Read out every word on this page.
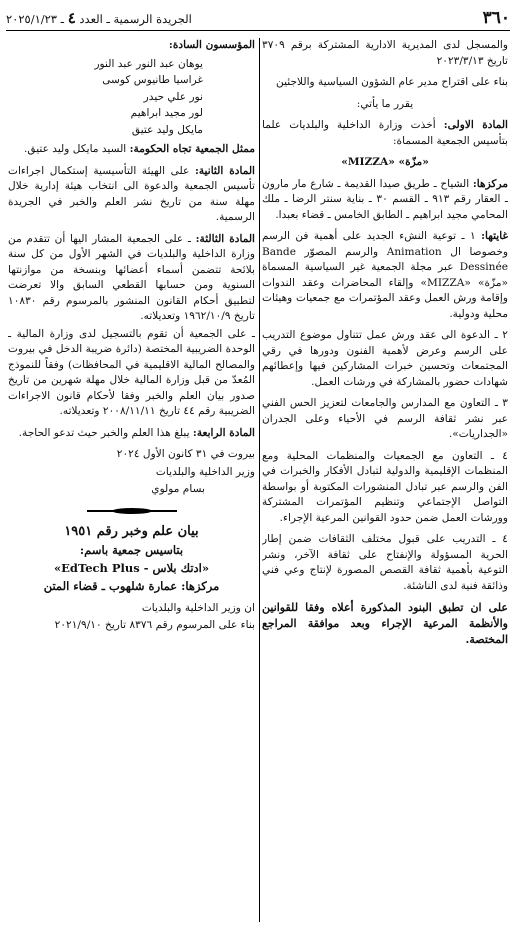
٣٦٠
الجريدة الرسمية ـ العدد ٤ ـ ٢٠٢٥/١/٢٣

والمسجل لدى المديرية الادارية المشتركة برقم ٣٧٠٩ تاريخ ٢٠٢٣/٣/١٣

بناء على اقتراح مدير عام الشؤون السياسية واللاجئين

يقرر ما يأتي:

المادة الاولى: أخذت وزارة الداخلية والبلديات علما بتأسيس الجمعية المسماة:

«مزّة» «MIZZA»

مركزها: الشياح ـ طريق صيدا القديمة ـ شارع مار مارون ـ العقار رقم ٩١٣ ـ القسم ٣٠ ـ بناية سنتر الرضا ـ ملك المحامي مجيد ابراهيم ـ الطابق الخامس ـ قضاء بعبدا.

غايتها: ١ ـ توعية النشء الجديد على أهمية فن الرسم وخصوصا ال Animation والرسم المصوّر Bande Dessinée عبر مجلة الجمعية غير السياسية المسماة «مزّة» «MIZZA» وإلقاء المحاضرات وعقد الندوات وإقامة ورش العمل وعقد المؤتمرات مع جمعيات وهيئات محلية ودولية.

٢ ـ الدعوة الى عقد ورش عمل تتناول موضوع التدريب على الرسم وعرض لأهمية الفنون ودورها في رقي المجتمعات وتحسين خبرات المشاركين فيها وإعطائهم شهادات حضور بالمشاركة في ورشات العمل.

٣ ـ التعاون مع المدارس والجامعات لتعزيز الحس الفني عبر نشر ثقافة الرسم في الأحياء وعلى الجدران «الجداريات».

٤ ـ التعاون مع الجمعيات والمنظمات المحلية ومع المنظمات الإقليمية والدولية لتبادل الأفكار والخبرات في الفن والرسم عبر تبادل المنشورات المكتوبة أو بواسطة التواصل الإجتماعي وتنظيم المؤتمرات المشتركة وورشات العمل ضمن حدود القوانين المرعية الإجراء.

٤ ـ التدريب على قبول مختلف الثقافات ضمن إطار الحرية المسؤولة والإنفتاح على ثقافة الآخر، ونشر التوعية بأهمية ثقافة القصص المصورة لإنتاج وعي فني وذائقة فنية لدى الناشئة.

على ان تطبق البنود المذكورة أعلاه وفقا للقوانين والأنظمة المرعية الإجراء وبعد موافقة المراجع المختصة.

المؤسسون السادة:

يوهان عبد النور عبد النور
غراسيا طانيوس كوسى
نور علي حيدر
لور مجيد ابراهيم
مايكل وليد عتيق

ممثل الجمعية تجاه الحكومة: السيد مايكل وليد عتيق.

المادة الثانية: على الهيئة التأسيسية إستكمال اجراءات تأسيس الجمعية والدعوة الى انتخاب هيئة إدارية خلال مهلة سنة من تاريخ نشر العلم والخبر في الجريدة الرسمية.

المادة الثالثة: ـ على الجمعية المشار اليها أن تتقدم من وزارة الداخلية والبلديات في الشهر الأول من كل سنة بلائحة تتضمن أسماء أعضائها وبنسخة من موازنتها السنوية ومن حسابها القطعي السابق والا تعرضت لتطبيق أحكام القانون المنشور بالمرسوم رقم ١٠٨٣٠ تاريخ ١٩٦٢/١٠/٩ وتعديلاته.

ـ على الجمعية أن تقوم بالتسجيل لدى وزارة المالية ـ الوحدة الضريبية المختصة (دائرة ضريبة الدخل في بيروت والمصالح المالية الاقليمية في المحافظات) وفقاً للنموذج المُعدّ من قبل وزارة المالية خلال مهلة شهرين من تاريخ صدور بيان العلم والخبر وفقا لأحكام قانون الاجراءات الضريبية رقم ٤٤ تاريخ ٢٠٠٨/١١/١١ وتعديلاته.

المادة الرابعة: يبلغ هذا العلم والخبر حيث تدعو الحاجة.

بيروت في ٣١ كانون الأول ٢٠٢٤

وزير الداخلية والبلديات

بسام مولوي

بيان علم وخبر رقم ١٩٥١

بتاسيس جمعية باسم:

«ادتك بلاس - EdTech Plus»

مركزها: عمارة شلهوب ـ قضاء المتن

ان وزير الداخلية والبلديات

بناء على المرسوم رقم ٨٣٧٦ تاريخ ٢٠٢١/٩/١٠
